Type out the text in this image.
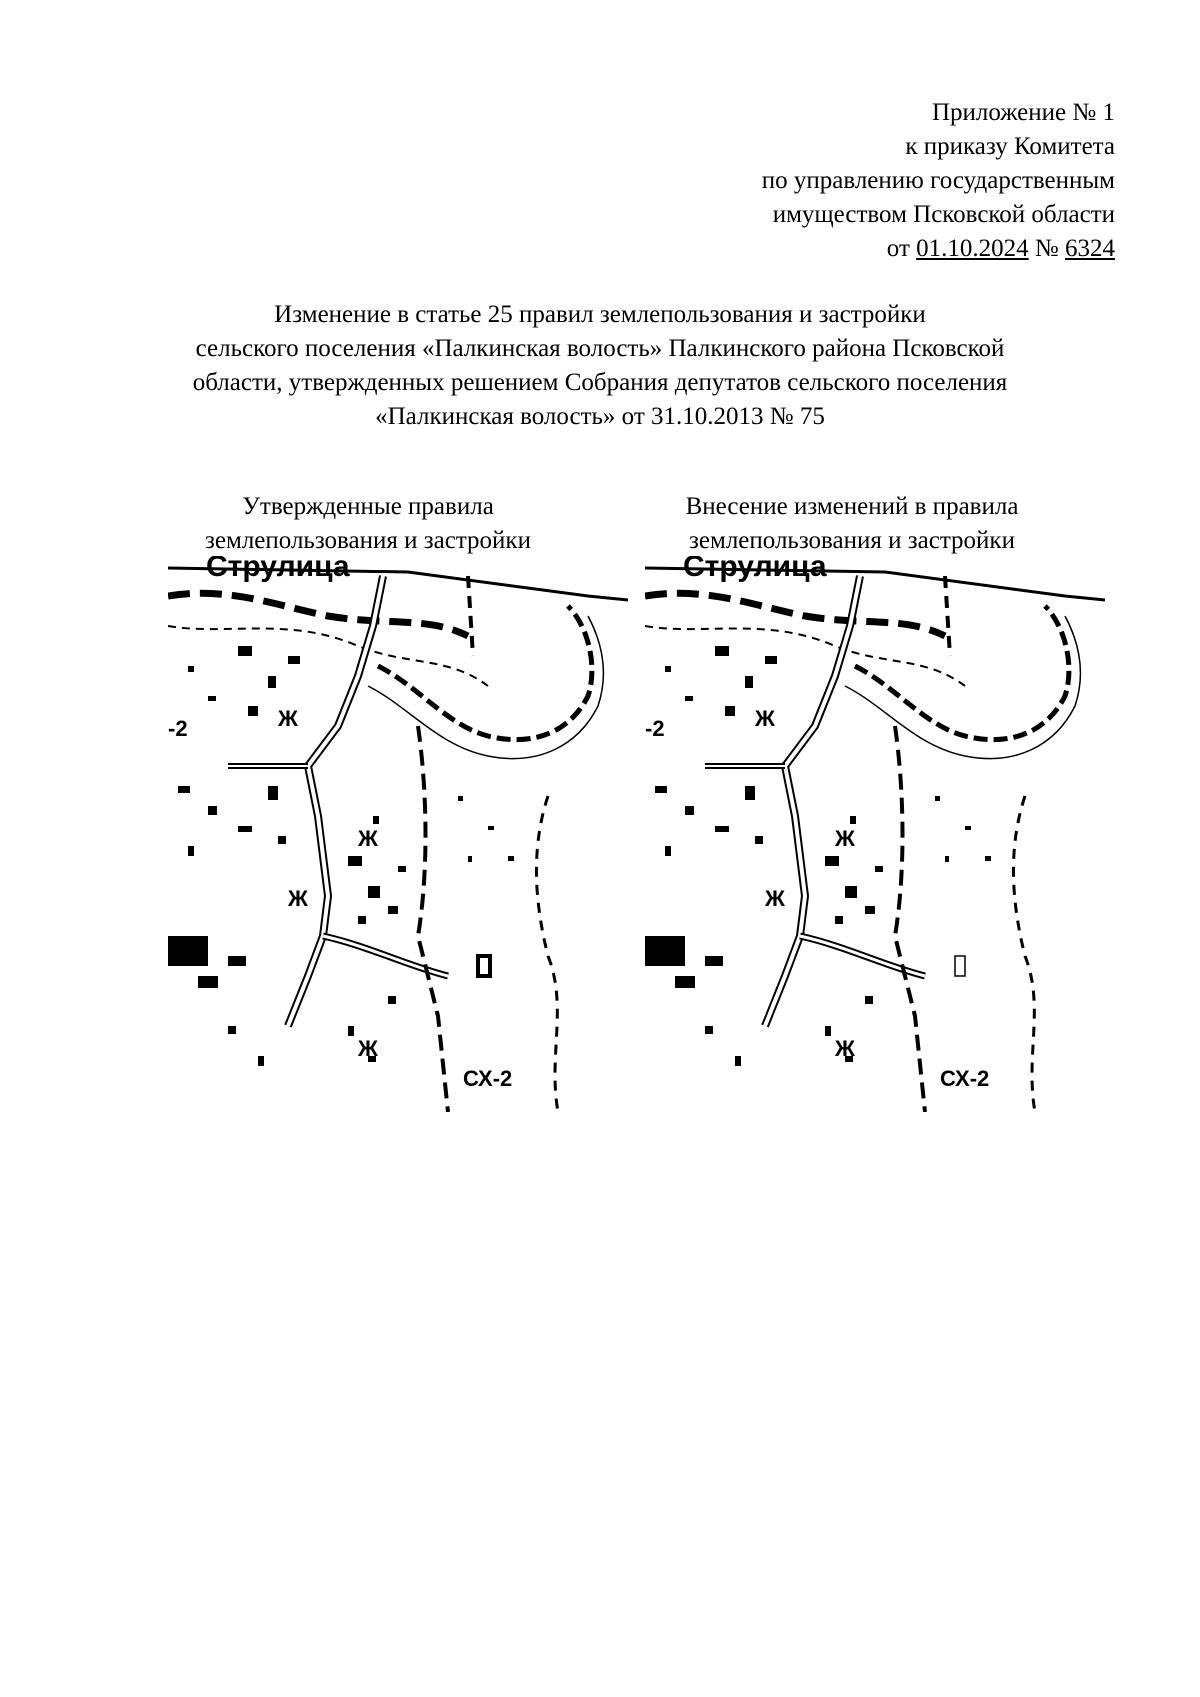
Приложение № 1
к приказу Комитета
по управлению государственным
имуществом Псковской области
от 01.10.2024 № 6324
Изменение в статье 25 правил землепользования и застройки
сельского поселения «Палкинская волость» Палкинского района Псковской
области, утвержденных решением Собрания депутатов сельского поселения
«Палкинская волость» от 31.10.2013 № 75
Утвержденные правила
землепользования и застройки
Внесение изменений в правила
землепользования и застройки
Струлица
-2	Ж
Ж
Ж
Ж
СХ-2
Струлица
-2	Ж
Ж
Ж
Ж
СХ-2
